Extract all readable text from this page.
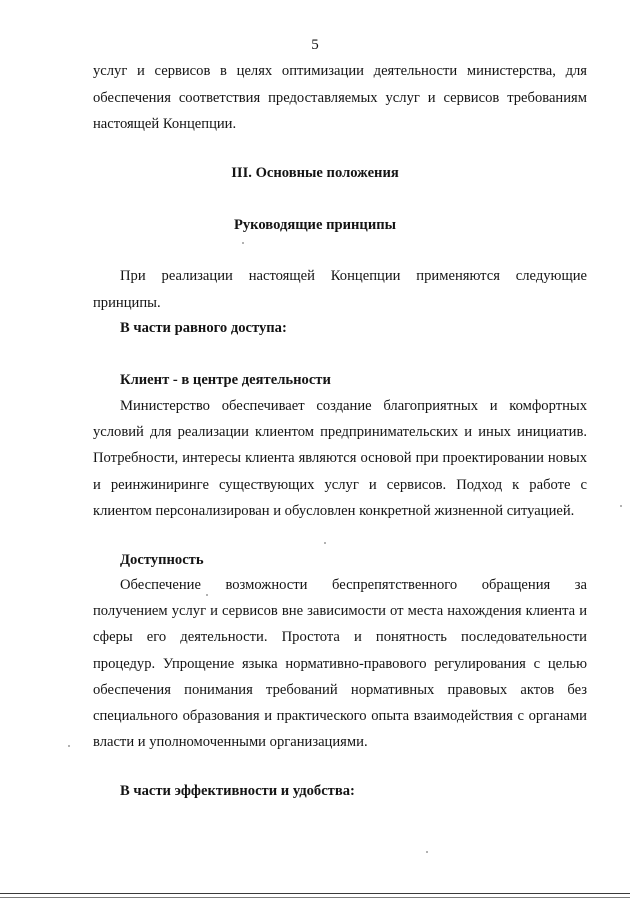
5
услуг и сервисов в целях оптимизации деятельности министерства, для обеспечения соответствия предоставляемых услуг и сервисов требованиям настоящей Концепции.
III. Основные положения
Руководящие принципы
При реализации настоящей Концепции применяются следующие
принципы.
В части равного доступа:
Клиент - в центре деятельности
Министерство обеспечивает создание благоприятных и комфортных
условий для реализации клиентом предпринимательских и иных инициатив. Потребности, интересы клиента являются основой при проектировании новых и реинжиниринге существующих услуг и сервисов. Подход к работе с клиентом персонализирован и обусловлен конкретной жизненной ситуацией.
Доступность
Обеспечение возможности беспрепятственного обращения за
получением услуг и сервисов вне зависимости от места нахождения клиента и сферы его деятельности. Простота и понятность последовательности процедур. Упрощение языка нормативно-правового регулирования с целью обеспечения понимания требований нормативных правовых актов без специального образования и практического опыта взаимодействия с органами власти и уполномоченными организациями.
В части эффективности и удобства:
